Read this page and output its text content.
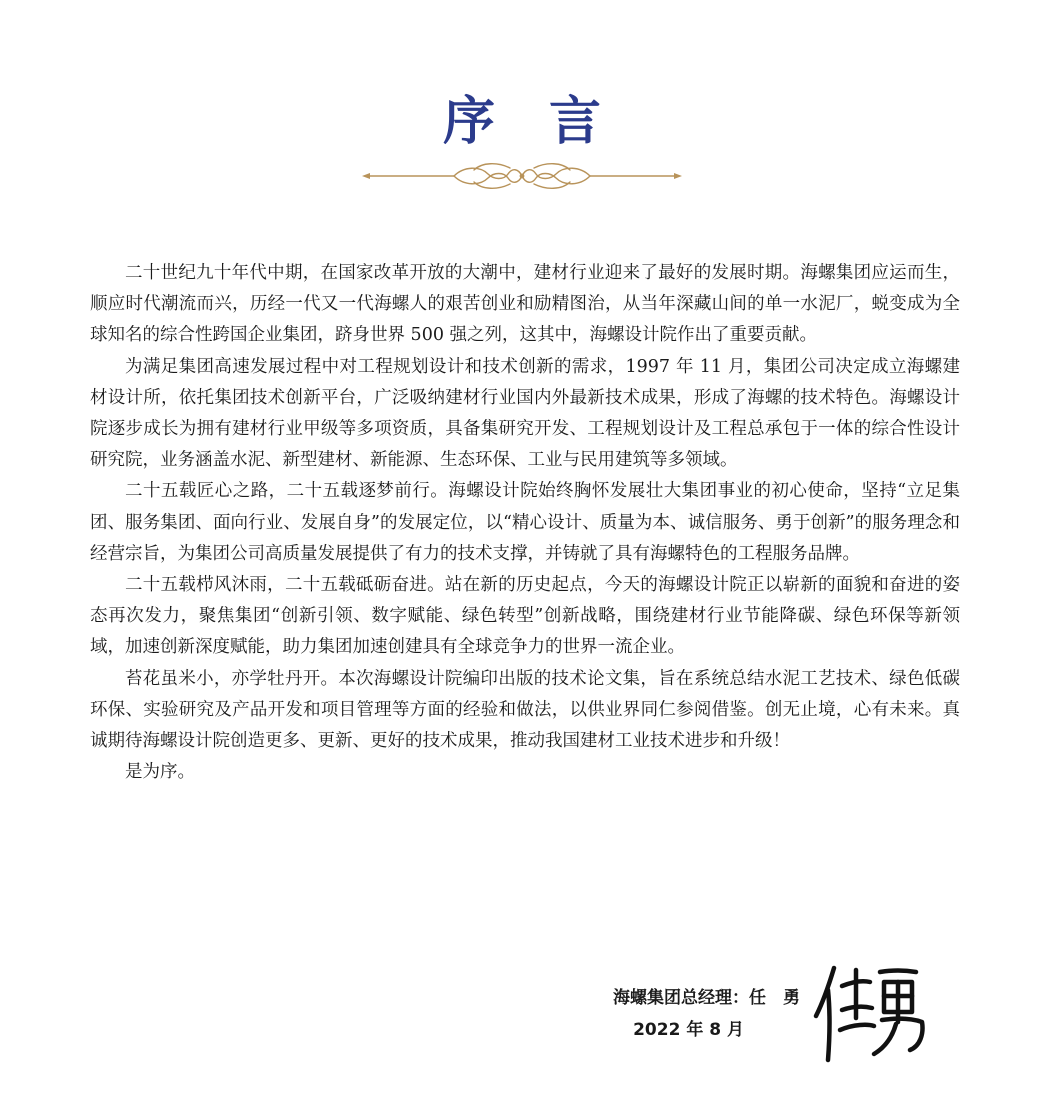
序言

二十世纪九十年代中期，在国家改革开放的大潮中，建材行业迎来了最好的发展时期。海螺集团应运而生，顺应时代潮流而兴，历经一代又一代海螺人的艰苦创业和励精图治，从当年深藏山间的单一水泥厂，蜕变成为全球知名的综合性跨国企业集团，跻身世界 500 强之列，这其中，海螺设计院作出了重要贡献。

为满足集团高速发展过程中对工程规划设计和技术创新的需求，1997 年 11 月，集团公司决定成立海螺建材设计所，依托集团技术创新平台，广泛吸纳建材行业国内外最新技术成果，形成了海螺的技术特色。海螺设计院逐步成长为拥有建材行业甲级等多项资质，具备集研究开发、工程规划设计及工程总承包于一体的综合性设计研究院，业务涵盖水泥、新型建材、新能源、生态环保、工业与民用建筑等多领域。

二十五载匠心之路，二十五载逐梦前行。海螺设计院始终胸怀发展壮大集团事业的初心使命，坚持“立足集团、服务集团、面向行业、发展自身”的发展定位，以“精心设计、质量为本、诚信服务、勇于创新”的服务理念和经营宗旨，为集团公司高质量发展提供了有力的技术支撑，并铸就了具有海螺特色的工程服务品牌。

二十五载栉风沐雨，二十五载砥砺奋进。站在新的历史起点，今天的海螺设计院正以崭新的面貌和奋进的姿态再次发力，聚焦集团“创新引领、数字赋能、绿色转型”创新战略，围绕建材行业节能降碳、绿色环保等新领域，加速创新深度赋能，助力集团加速创建具有全球竞争力的世界一流企业。

苔花虽米小，亦学牡丹开。本次海螺设计院编印出版的技术论文集，旨在系统总结水泥工艺技术、绿色低碳环保、实验研究及产品开发和项目管理等方面的经验和做法，以供业界同仁参阅借鉴。创无止境，心有未来。真诚期待海螺设计院创造更多、更新、更好的技术成果，推动我国建材工业技术进步和升级！

是为序。

海螺集团总经理：任　勇
2022 年 8 月
